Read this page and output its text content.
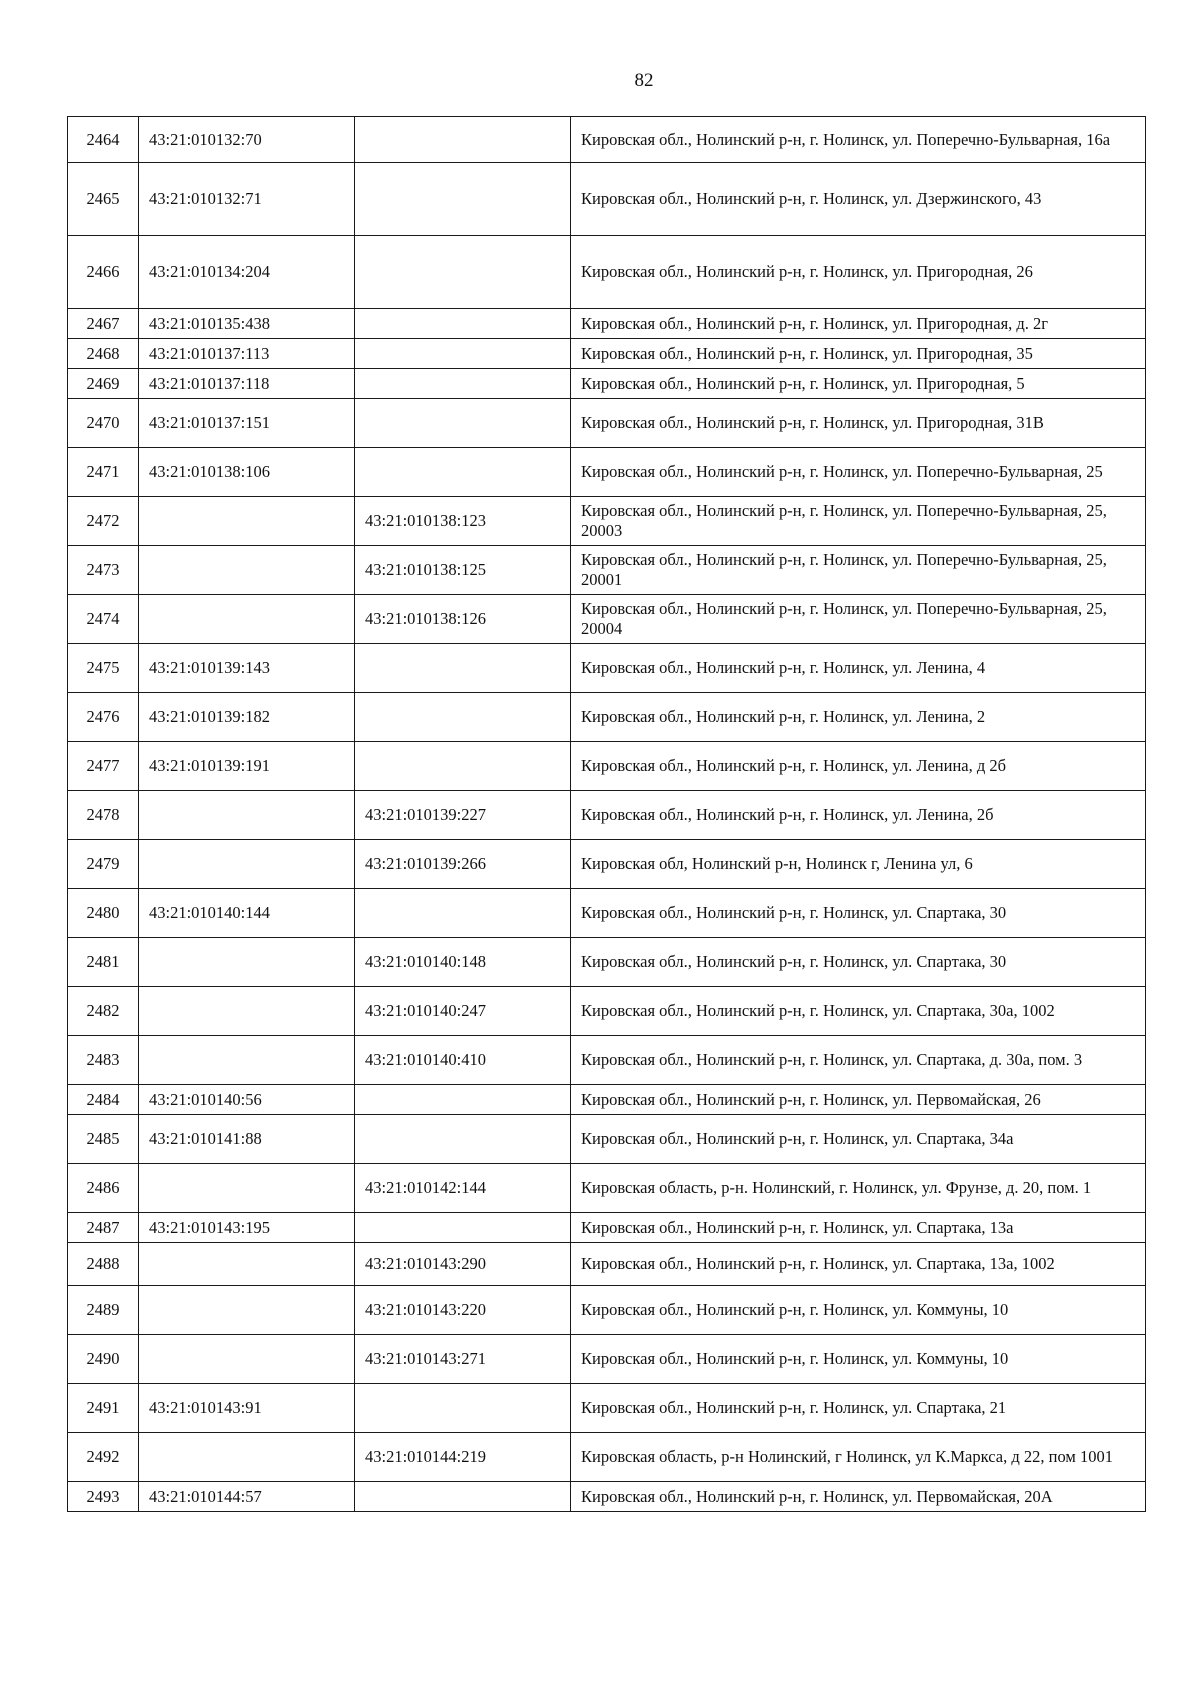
82
2464	43:21:010132:70		Кировская обл., Нолинский р-н, г. Нолинск, ул. Поперечно-Бульварная, 16а
2465	43:21:010132:71		Кировская обл., Нолинский р-н, г. Нолинск, ул. Дзержинского, 43
2466	43:21:010134:204		Кировская обл., Нолинский р-н, г. Нолинск, ул. Пригородная, 26
2467	43:21:010135:438		Кировская обл., Нолинский р-н, г. Нолинск, ул. Пригородная, д. 2г
2468	43:21:010137:113		Кировская обл., Нолинский р-н, г. Нолинск, ул. Пригородная, 35
2469	43:21:010137:118		Кировская обл., Нолинский р-н, г. Нолинск, ул. Пригородная, 5
2470	43:21:010137:151		Кировская обл., Нолинский р-н, г. Нолинск, ул. Пригородная, 31В
2471	43:21:010138:106		Кировская обл., Нолинский р-н, г. Нолинск, ул. Поперечно-Бульварная, 25
2472		43:21:010138:123	Кировская обл., Нолинский р-н, г. Нолинск, ул. Поперечно-Бульварная, 25, 20003
2473		43:21:010138:125	Кировская обл., Нолинский р-н, г. Нолинск, ул. Поперечно-Бульварная, 25, 20001
2474		43:21:010138:126	Кировская обл., Нолинский р-н, г. Нолинск, ул. Поперечно-Бульварная, 25, 20004
2475	43:21:010139:143		Кировская обл., Нолинский р-н, г. Нолинск, ул. Ленина, 4
2476	43:21:010139:182		Кировская обл., Нолинский р-н, г. Нолинск, ул. Ленина, 2
2477	43:21:010139:191		Кировская обл., Нолинский р-н, г. Нолинск, ул. Ленина, д 2б
2478		43:21:010139:227	Кировская обл., Нолинский р-н, г. Нолинск, ул. Ленина, 2б
2479		43:21:010139:266	Кировская обл, Нолинский р-н, Нолинск г, Ленина ул, 6
2480	43:21:010140:144		Кировская обл., Нолинский р-н, г. Нолинск, ул. Спартака, 30
2481		43:21:010140:148	Кировская обл., Нолинский р-н, г. Нолинск, ул. Спартака, 30
2482		43:21:010140:247	Кировская обл., Нолинский р-н, г. Нолинск, ул. Спартака, 30а, 1002
2483		43:21:010140:410	Кировская обл., Нолинский р-н, г. Нолинск, ул. Спартака, д. 30а, пом. 3
2484	43:21:010140:56		Кировская обл., Нолинский р-н, г. Нолинск, ул. Первомайская, 26
2485	43:21:010141:88		Кировская обл., Нолинский р-н, г. Нолинск, ул. Спартака, 34а
2486		43:21:010142:144	Кировская область, р-н. Нолинский, г. Нолинск, ул. Фрунзе, д. 20, пом. 1
2487	43:21:010143:195		Кировская обл., Нолинский р-н, г. Нолинск, ул. Спартака, 13а
2488		43:21:010143:290	Кировская обл., Нолинский р-н, г. Нолинск, ул. Спартака, 13а, 1002
2489		43:21:010143:220	Кировская обл., Нолинский р-н, г. Нолинск, ул. Коммуны, 10
2490		43:21:010143:271	Кировская обл., Нолинский р-н, г. Нолинск, ул. Коммуны, 10
2491	43:21:010143:91		Кировская обл., Нолинский р-н, г. Нолинск, ул. Спартака, 21
2492		43:21:010144:219	Кировская область, р-н Нолинский, г Нолинск, ул К.Маркса, д 22, пом 1001
2493	43:21:010144:57		Кировская обл., Нолинский р-н, г. Нолинск, ул. Первомайская, 20А
